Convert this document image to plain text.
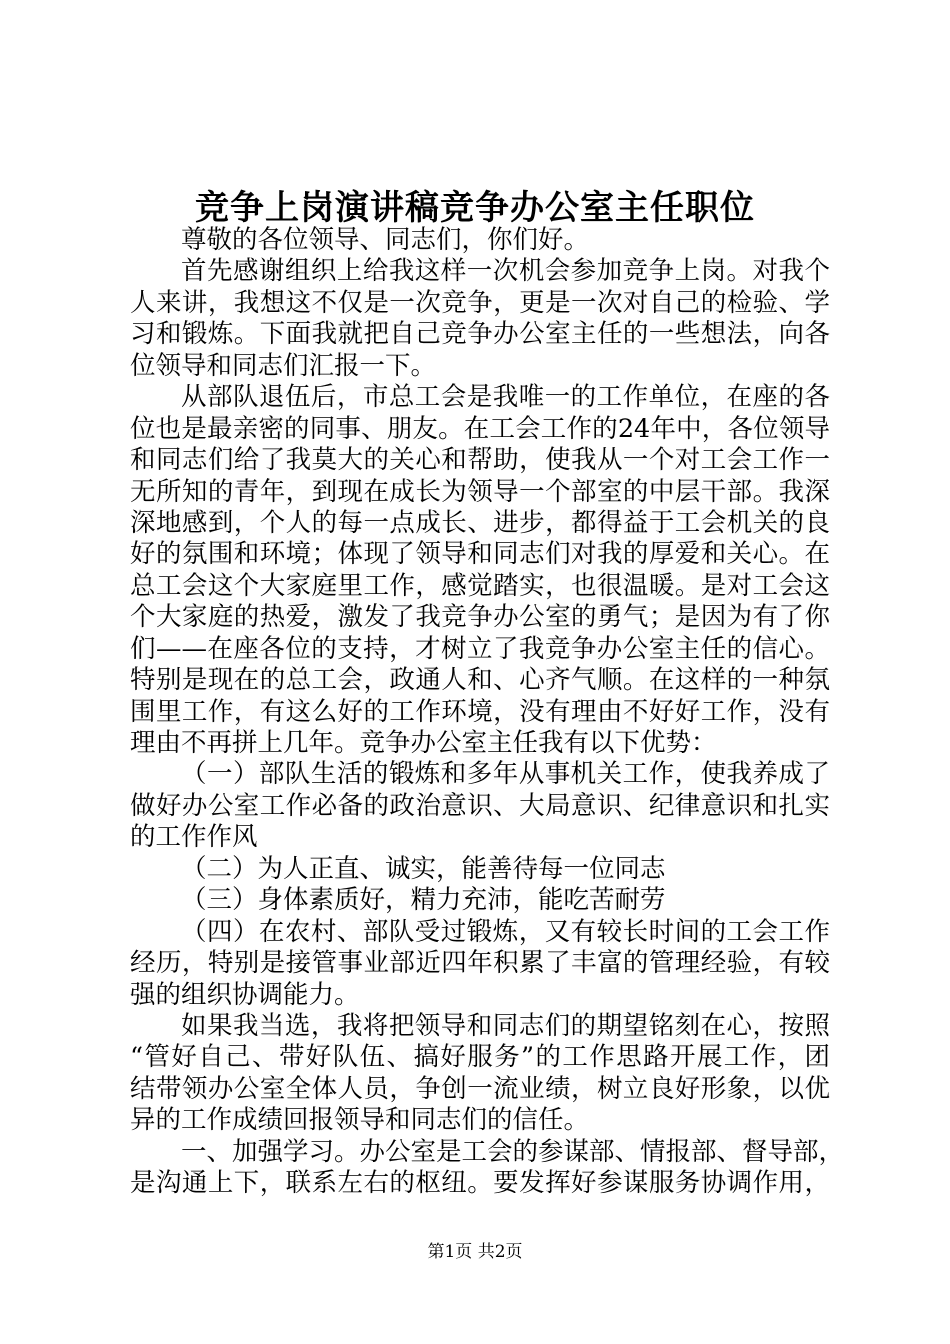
竞争上岗演讲稿竞争办公室主任职位
尊敬的各位领导、同志们，你们好。
首先感谢组织上给我这样一次机会参加竞争上岗。对我个
人来讲，我想这不仅是一次竞争，更是一次对自己的检验、学
习和锻炼。下面我就把自己竞争办公室主任的一些想法，向各
位领导和同志们汇报一下。
从部队退伍后，市总工会是我唯一的工作单位，在座的各
位也是最亲密的同事、朋友。在工会工作的24年中，各位领导
和同志们给了我莫大的关心和帮助，使我从一个对工会工作一
无所知的青年，到现在成长为领导一个部室的中层干部。我深
深地感到，个人的每一点成长、进步，都得益于工会机关的良
好的氛围和环境；体现了领导和同志们对我的厚爱和关心。在
总工会这个大家庭里工作，感觉踏实，也很温暖。是对工会这
个大家庭的热爱，激发了我竞争办公室的勇气；是因为有了你
们——在座各位的支持，才树立了我竞争办公室主任的信心。
特别是现在的总工会，政通人和、心齐气顺。在这样的一种氛
围里工作，有这么好的工作环境，没有理由不好好工作，没有
理由不再拼上几年。竞争办公室主任我有以下优势：
（一）部队生活的锻炼和多年从事机关工作，使我养成了
做好办公室工作必备的政治意识、大局意识、纪律意识和扎实
的工作作风
（二）为人正直、诚实，能善待每一位同志
（三）身体素质好，精力充沛，能吃苦耐劳
（四）在农村、部队受过锻炼，又有较长时间的工会工作
经历，特别是接管事业部近四年积累了丰富的管理经验，有较
强的组织协调能力。
如果我当选，我将把领导和同志们的期望铭刻在心，按照
“管好自己、带好队伍、搞好服务”的工作思路开展工作，团
结带领办公室全体人员，争创一流业绩，树立良好形象，以优
异的工作成绩回报领导和同志们的信任。
一、加强学习。办公室是工会的参谋部、情报部、督导部，
是沟通上下，联系左右的枢纽。要发挥好参谋服务协调作用，
第1页 共2页
